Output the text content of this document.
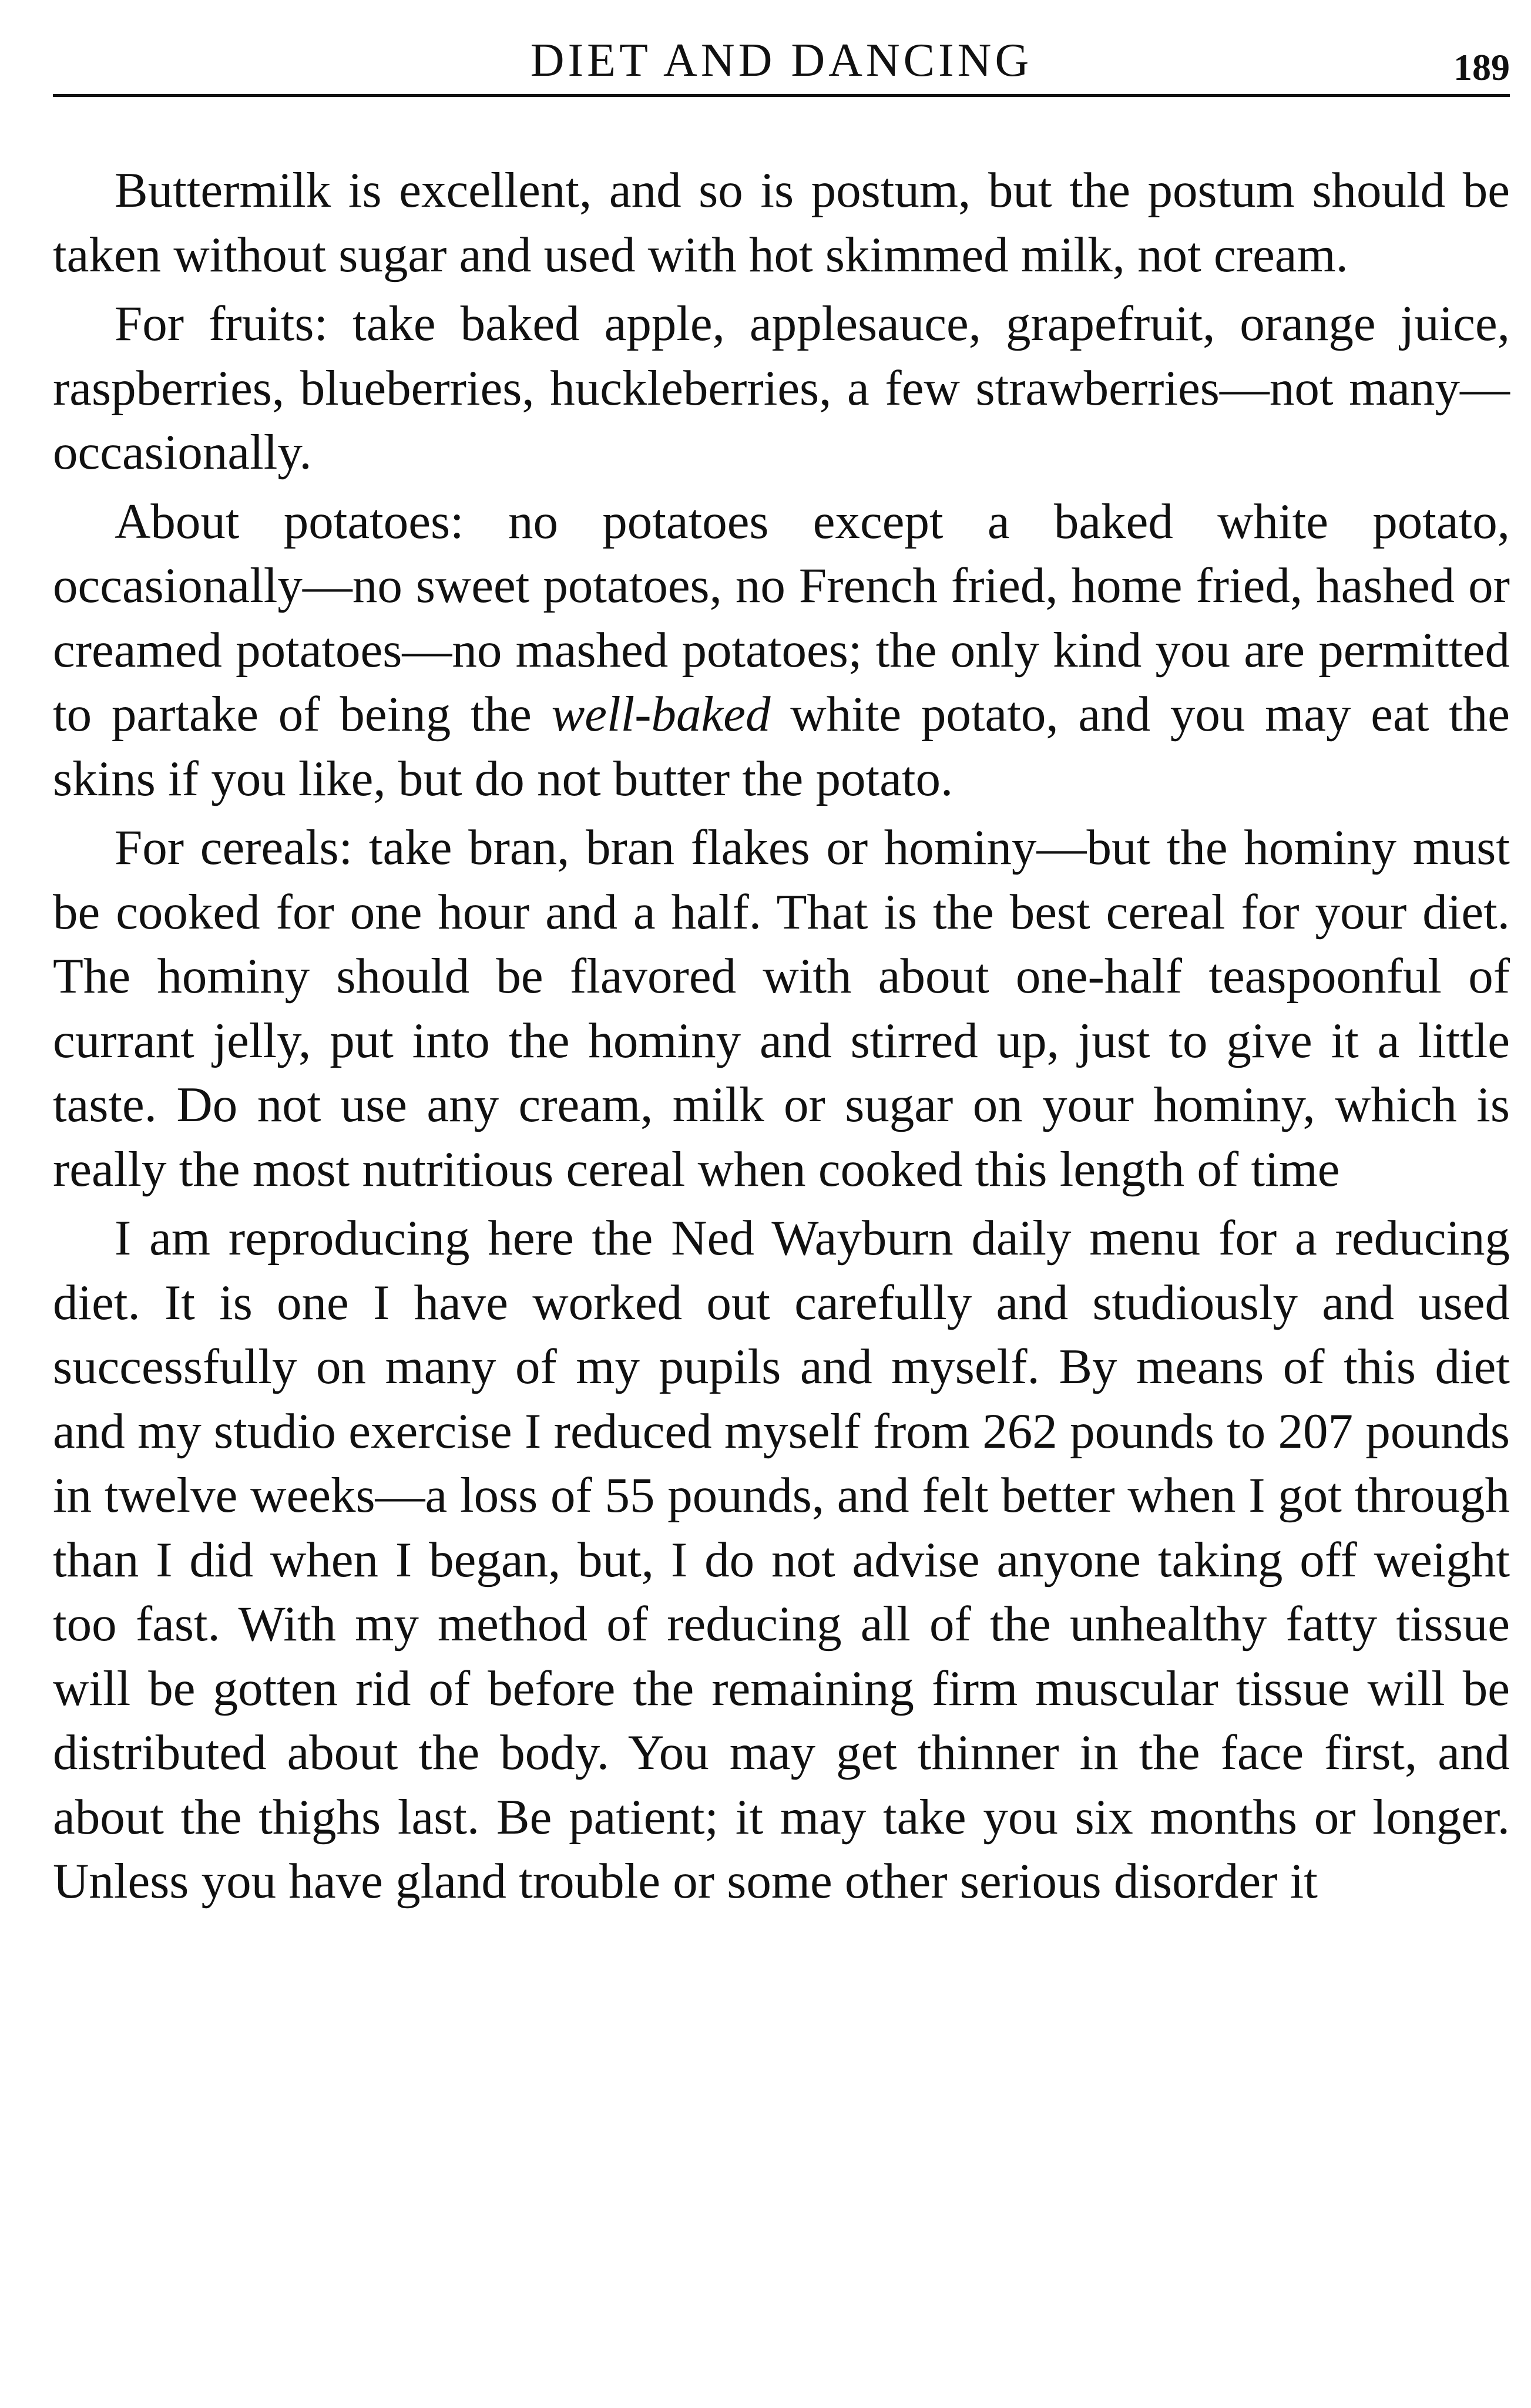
DIET AND DANCING	189

Buttermilk is excellent, and so is postum, but the postum should be taken without sugar and used with hot skimmed milk, not cream.

For fruits: take baked apple, applesauce, grapefruit, orange juice, raspberries, blueberries, huckleberries, a few strawberries—not many—occasionally.

About potatoes: no potatoes except a baked white potato, occasionally—no sweet potatoes, no French fried, home fried, hashed or creamed potatoes—no mashed potatoes; the only kind you are permitted to partake of being the well-baked white potato, and you may eat the skins if you like, but do not butter the potato.

For cereals: take bran, bran flakes or hominy—but the hominy must be cooked for one hour and a half. That is the best cereal for your diet. The hominy should be flavored with about one-half teaspoonful of currant jelly, put into the hominy and stirred up, just to give it a little taste. Do not use any cream, milk or sugar on your hominy, which is really the most nutritious cereal when cooked this length of time

I am reproducing here the Ned Wayburn daily menu for a reducing diet. It is one I have worked out carefully and studiously and used successfully on many of my pupils and myself. By means of this diet and my studio exercise I reduced myself from 262 pounds to 207 pounds in twelve weeks—a loss of 55 pounds, and felt better when I got through than I did when I began, but, I do not advise anyone taking off weight too fast. With my method of reducing all of the unhealthy fatty tissue will be gotten rid of before the remaining firm muscular tissue will be distributed about the body. You may get thinner in the face first, and about the thighs last. Be patient; it may take you six months or longer. Unless you have gland trouble or some other serious disorder it
